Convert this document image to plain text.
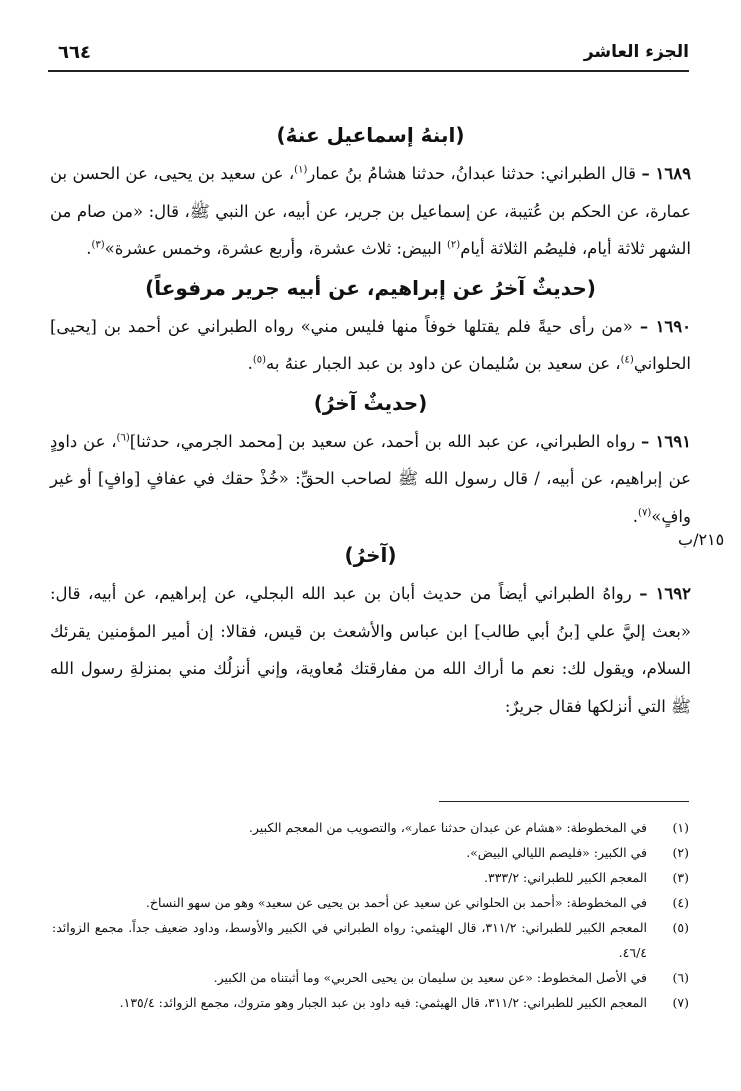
الجزء العاشر
٦٦٤
(ابنهُ إسماعيل عنهُ)

١٦٨٩ – قال الطبراني: حدثنا عبدانُ، حدثنا هشامُ بنُ عمار$^{(١)}$، عن سعيد بن يحيى، عن الحسن بن عمارة، عن الحكم بن عُتيبة، عن إسماعيل بن جرير، عن أبيه، عن النبي ﷺ، قال: «من صام من الشهر ثلاثة أيام، فليصُم الثلاثة أيام$^{(٢)}$ البيض: ثلاث عشرة، وأربع عشرة، وخمس عشرة»$^{(٣)}$.

(حديثٌ آخرُ عن إبراهيم، عن أبيه جرير مرفوعاً)

١٦٩٠ – «من رأى حيةً فلم يقتلها خوفاً منها فليس مني» رواه الطبراني عن أحمد بن [يحيى] الحلواني$^{(٤)}$، عن سعيد بن سُليمان عن داود بن عبد الجبار عنهُ به$^{(٥)}$.

(حديثٌ آخرُ)

١٦٩١ – رواه الطبراني، عن عبد الله بن أحمد، عن سعيد بن [محمد الجرمي، حدثنا]$^{(٦)}$، عن داودٍ عن إبراهيم، عن أبيه، / قال رسول الله ﷺ لصاحب الحقِّ: «خُذْ حقك في عفافٍ [وافٍ] أو غير وافٍ»$^{(٧)}$.

(آخرُ)

١٦٩٢ – رواهُ الطبراني أيضاً من حديث أبان بن عبد الله البجلي، عن إبراهيم، عن أبيه، قال: «بعث إليَّ علي [بنُ أبي طالب] ابن عباس والأشعث بن قيس، فقالا: إن أمير المؤمنين يقرئك السلام، ويقول لك: نعم ما أراك الله من مفارقتك مُعاوية، وإني أنزلُك مني بمنزلةِ رسول الله ﷺ التي أنزلكها فقال جريرٌ:

٢١٥/ب
(١)
في المخطوطة: «هشام عن عبدان حدثنا عمار»، والتصويب من المعجم الكبير.
(٢)
في الكبير: «فليصم الليالي البيض».
(٣)
المعجم الكبير للطبراني: ٣٣٣/٢.
(٤)
في المخطوطة: «أحمد بن الحلواني عن سعيد عن أحمد بن يحيى عن سعيد» وهو من سهو النساخ.
(٥)
المعجم الكبير للطبراني: ٣١١/٢، قال الهيثمي: رواه الطبراني في الكبير والأوسط، وداود ضعيف جداً. مجمع الزوائد: ٤٦/٤.
(٦)
في الأصل المخطوط: «عن سعيد بن سليمان بن يحيى الحربي» وما أثبتناه من الكبير.
(٧)
المعجم الكبير للطبراني: ٣١١/٢، قال الهيثمي: فيه داود بن عبد الجبار وهو متروك، مجمع الزوائد: ١٣٥/٤.
